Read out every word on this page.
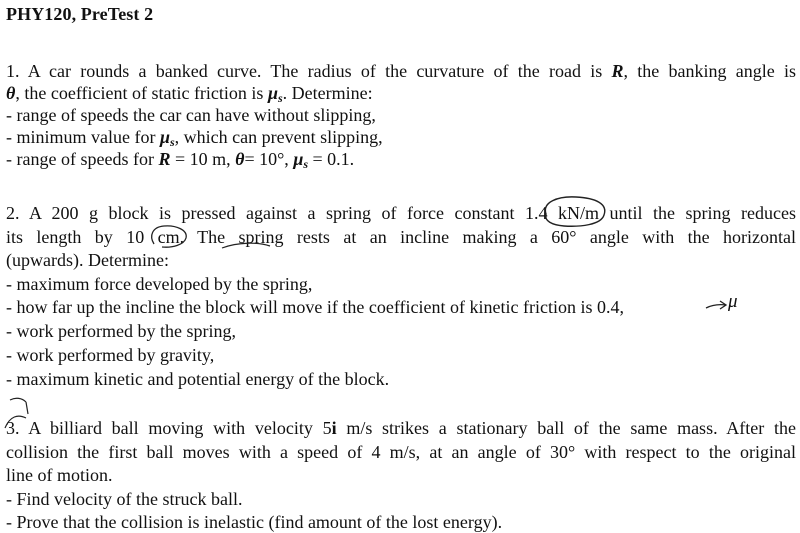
PHY120, PreTest 2
1. A car rounds a banked curve. The radius of the curvature of the road is R, the banking angle is
θ, the coefficient of static friction is $\mu_s$. Determine:
- range of speeds the car can have without slipping,
- minimum value for $\mu_s$, which can prevent slipping,
- range of speeds for R = 10 m, θ= 10°, $\mu_s = 0.1$.
2. A 200 g block is pressed against a spring of force constant 1.4 kN/m until the spring reduces
its length by 10 cm. The spring rests at an incline making a 60° angle with the horizontal
(upwards). Determine:
- maximum force developed by the spring,
- how far up the incline the block will move if the coefficient of kinetic friction is 0.4,
- work performed by the spring,
- work performed by gravity,
- maximum kinetic and potential energy of the block.
μ
3. A billiard ball moving with velocity 5i m/s strikes a stationary ball of the same mass. After the
collision the first ball moves with a speed of 4 m/s, at an angle of 30° with respect to the original
line of motion.
- Find velocity of the struck ball.
- Prove that the collision is inelastic (find amount of the lost energy).
